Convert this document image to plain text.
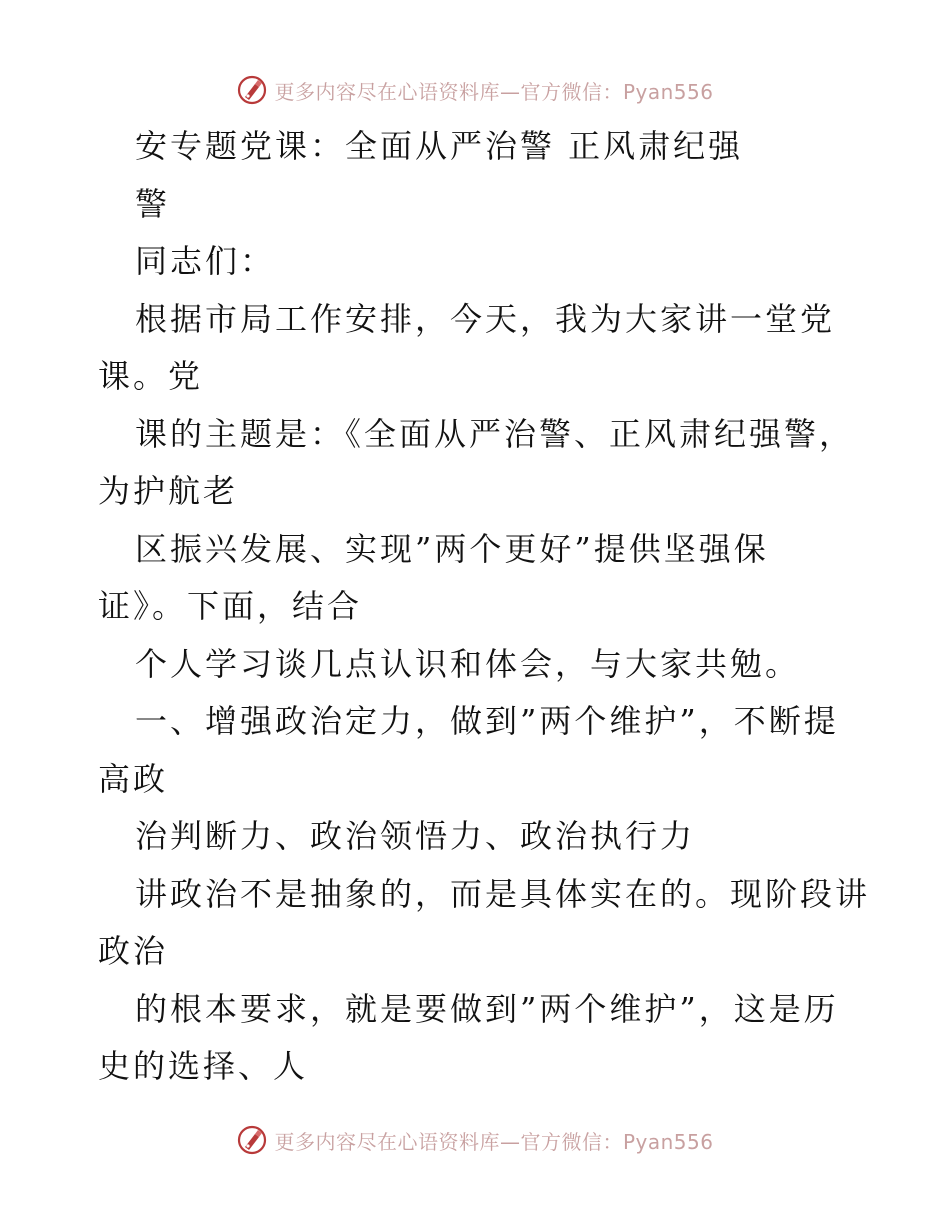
更多内容尽在心语资料库—官方微信：Pyan556

安专题党课：全面从严治警 正风肃纪强

警

同志们：

根据市局工作安排，今天，我为大家讲一堂党

课。党

课的主题是：《全面从严治警、正风肃纪强警，

为护航老

区振兴发展、实现”两个更好”提供坚强保

证》。下面，结合

个人学习谈几点认识和体会，与大家共勉。

一、增强政治定力，做到”两个维护”，不断提

高政

治判断力、政治领悟力、政治执行力

讲政治不是抽象的，而是具体实在的。现阶段讲

政治

的根本要求，就是要做到”两个维护”，这是历

史的选择、人

更多内容尽在心语资料库—官方微信：Pyan556
